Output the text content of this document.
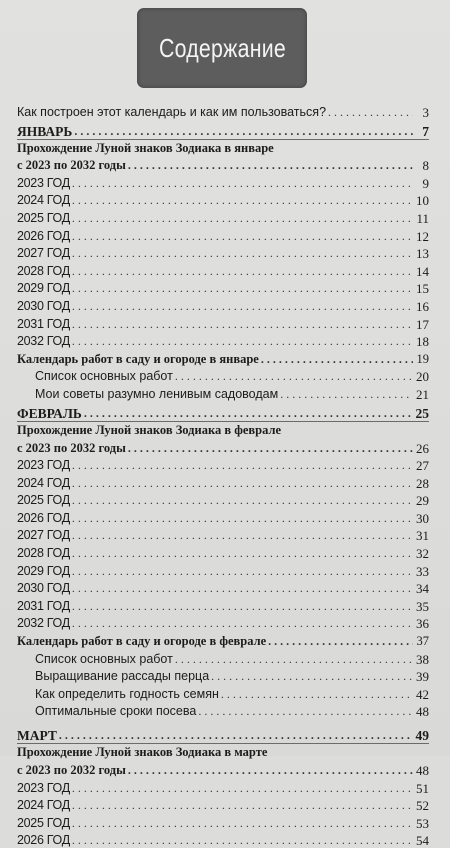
Содержание
Как построен этот календарь и как им пользоваться? . . .	3
ЯНВАРЬ . . .	7
Прохождение Луной знаков Зодиака в январе
с 2023 по 2032 годы . . .	8
2023 ГОД . . .	9
2024 ГОД . . .	10
2025 ГОД . . .	11
2026 ГОД . . .	12
2027 ГОД . . .	13
2028 ГОД . . .	14
2029 ГОД . . .	15
2030 ГОД . . .	16
2031 ГОД . . .	17
2032 ГОД . . .	18
Календарь работ в саду и огороде в январе . . .	19
Список основных работ . . .	20
Мои советы разумно ленивым садоводам . . .	21
ФЕВРАЛЬ . . .	25
Прохождение Луной знаков Зодиака в феврале
с 2023 по 2032 годы . . .	26
2023 ГОД . . .	27
2024 ГОД . . .	28
2025 ГОД . . .	29
2026 ГОД . . .	30
2027 ГОД . . .	31
2028 ГОД . . .	32
2029 ГОД . . .	33
2030 ГОД . . .	34
2031 ГОД . . .	35
2032 ГОД . . .	36
Календарь работ в саду и огороде в феврале . . .	37
Список основных работ . . .	38
Выращивание рассады перца . . .	39
Как определить годность семян . . .	42
Оптимальные сроки посева . . .	48
МАРТ . . .	49
Прохождение Луной знаков Зодиака в марте
с 2023 по 2032 годы . . .	48
2023 ГОД . . .	51
2024 ГОД . . .	52
2025 ГОД . . .	53
2026 ГОД . . .	54
